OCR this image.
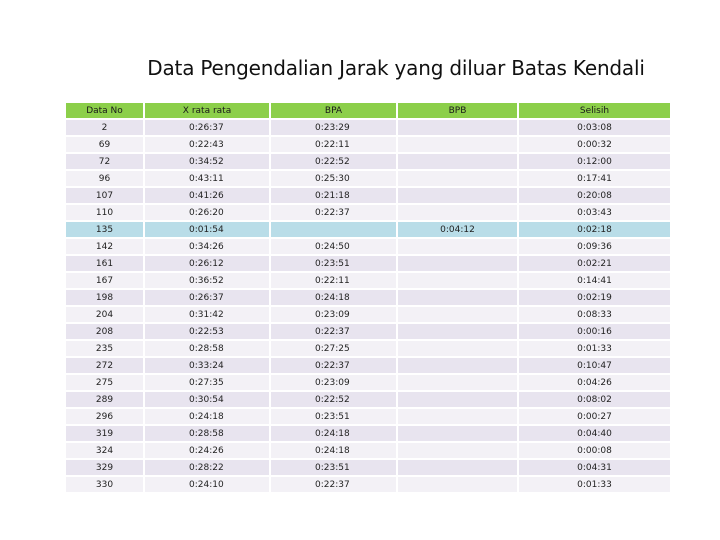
Data Pengendalian Jarak yang diluar Batas Kendali
Data No	X rata rata	BPA	BPB	Selisih
2	0:26:37	0:23:29		0:03:08
69	0:22:43	0:22:11		0:00:32
72	0:34:52	0:22:52		0:12:00
96	0:43:11	0:25:30		0:17:41
107	0:41:26	0:21:18		0:20:08
110	0:26:20	0:22:37		0:03:43
135	0:01:54		0:04:12	0:02:18
142	0:34:26	0:24:50		0:09:36
161	0:26:12	0:23:51		0:02:21
167	0:36:52	0:22:11		0:14:41
198	0:26:37	0:24:18		0:02:19
204	0:31:42	0:23:09		0:08:33
208	0:22:53	0:22:37		0:00:16
235	0:28:58	0:27:25		0:01:33
272	0:33:24	0:22:37		0:10:47
275	0:27:35	0:23:09		0:04:26
289	0:30:54	0:22:52		0:08:02
296	0:24:18	0:23:51		0:00:27
319	0:28:58	0:24:18		0:04:40
324	0:24:26	0:24:18		0:00:08
329	0:28:22	0:23:51		0:04:31
330	0:24:10	0:22:37		0:01:33
